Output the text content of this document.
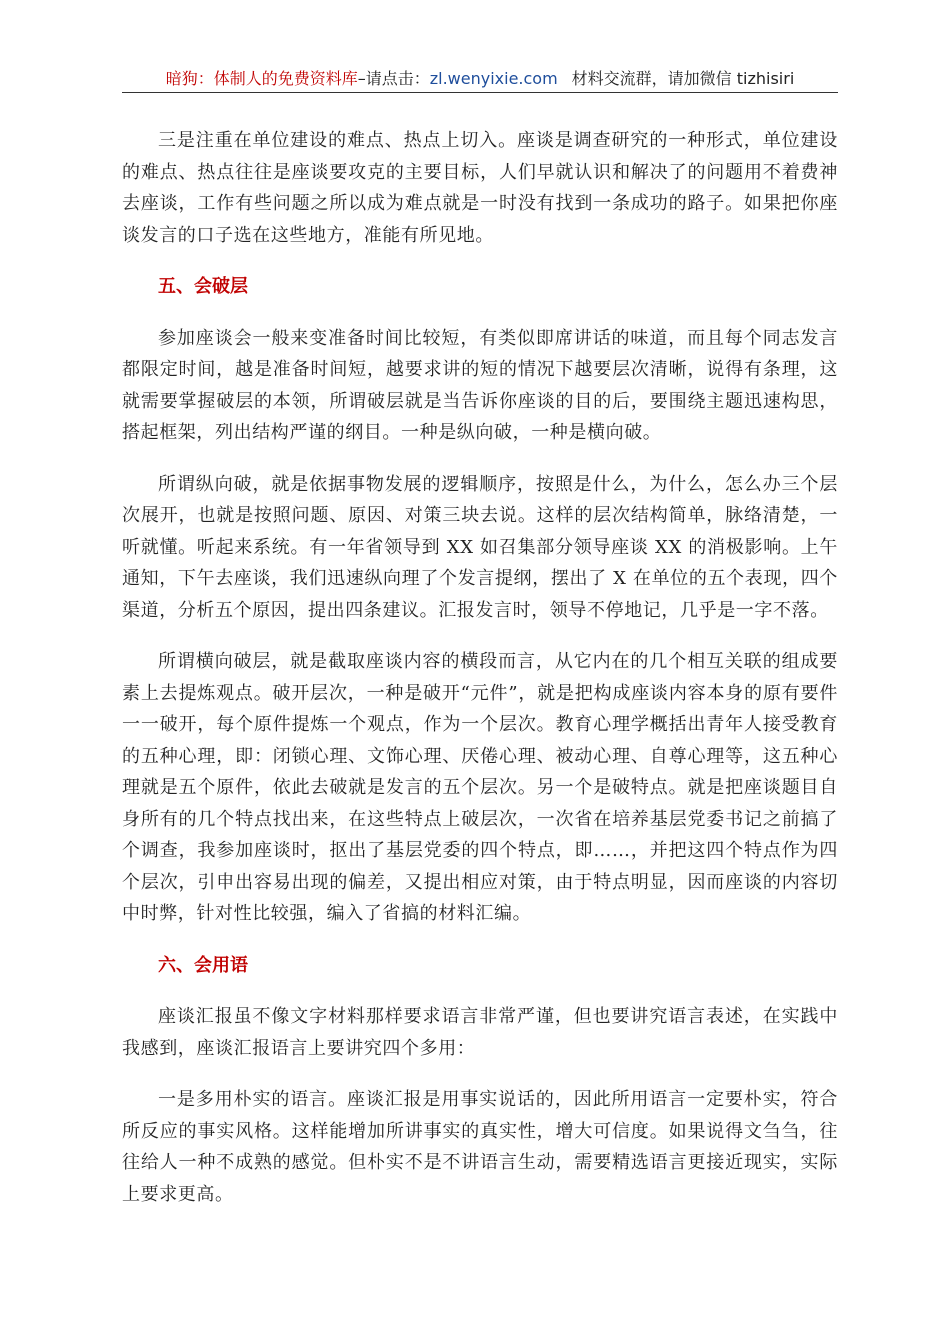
暗狗：体制人的免费资料库–请点击：zl.wenyixie.com 材料交流群，请加微信 tizhisiri

三是注重在单位建设的难点、热点上切入。座谈是调查研究的一种形式，单位建设的难点、热点往往是座谈要攻克的主要目标，人们早就认识和解决了的问题用不着费神去座谈，工作有些问题之所以成为难点就是一时没有找到一条成功的路子。如果把你座谈发言的口子选在这些地方，准能有所见地。

五、会破层

参加座谈会一般来变准备时间比较短，有类似即席讲话的味道，而且每个同志发言都限定时间，越是准备时间短，越要求讲的短的情况下越要层次清晰，说得有条理，这就需要掌握破层的本领，所谓破层就是当告诉你座谈的目的后，要围绕主题迅速构思，搭起框架，列出结构严谨的纲目。一种是纵向破，一种是横向破。

所谓纵向破，就是依据事物发展的逻辑顺序，按照是什么，为什么，怎么办三个层次展开，也就是按照问题、原因、对策三块去说。这样的层次结构简单，脉络清楚，一听就懂。听起来系统。有一年省领导到 XX 如召集部分领导座谈 XX 的消极影响。上午通知，下午去座谈，我们迅速纵向理了个发言提纲，摆出了 X 在单位的五个表现，四个渠道，分析五个原因，提出四条建议。汇报发言时，领导不停地记，几乎是一字不落。

所谓横向破层，就是截取座谈内容的横段而言，从它内在的几个相互关联的组成要素上去提炼观点。破开层次，一种是破开“元件”，就是把构成座谈内容本身的原有要件一一破开，每个原件提炼一个观点，作为一个层次。教育心理学概括出青年人接受教育的五种心理，即：闭锁心理、文饰心理、厌倦心理、被动心理、自尊心理等，这五种心理就是五个原件，依此去破就是发言的五个层次。另一个是破特点。就是把座谈题目自身所有的几个特点找出来，在这些特点上破层次，一次省在培养基层党委书记之前搞了个调查，我参加座谈时，抠出了基层党委的四个特点，即……，并把这四个特点作为四个层次，引申出容易出现的偏差，又提出相应对策，由于特点明显，因而座谈的内容切中时弊，针对性比较强，编入了省搞的材料汇编。

六、会用语

座谈汇报虽不像文字材料那样要求语言非常严谨，但也要讲究语言表述，在实践中我感到，座谈汇报语言上要讲究四个多用：

一是多用朴实的语言。座谈汇报是用事实说话的，因此所用语言一定要朴实，符合所反应的事实风格。这样能增加所讲事实的真实性，增大可信度。如果说得文刍刍，往往给人一种不成熟的感觉。但朴实不是不讲语言生动，需要精选语言更接近现实，实际上要求更高。
